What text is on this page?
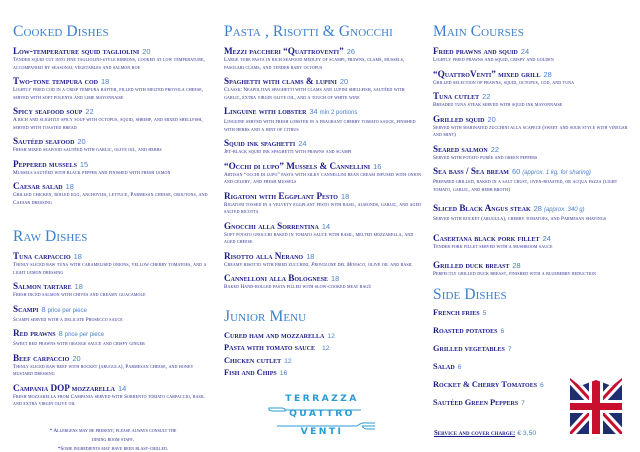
Cooked Dishes
Low-temperature squid tagliolini 20
Tender squid cut into fine tagliolini-style ribbons, cooked at low temperature, accompanied by seasonal vegetables and salmon roe
Two-tone tempura cod 18
Lightly fried cod in a crisp tempura batter, filled with melted provola cheese, served with soft polenta and lime mayonnaise
Spicy seafood soup 22
A rich and slightly spicy soup with octopus, squid, shrimp, and mixed shellfish, served with toasted bread
Sautéed seafood 20
Fresh mixed seafood sautéed with garlic, olive oil, and herbs
Peppered mussels 15
Mussels sautéed with black pepper and finished with fresh lemon
Caesar salad 18
Grilled chicken, boiled egg, anchovies, lettuce, Parmesan cheese, croutons, and Caesar dressing
Raw Dishes
Tuna carpaccio 18
Thinly sliced raw tuna with caramelised onions, yellow cherry tomatoes, and a light lemon dressing
Salmon tartare 18
Fresh diced salmon with chives and creamy guacamole
Scampi 8 price per piece
Scampi served with a delicate Prosecco sauce
Red prawns 8 price per piece
Sweet red prawns with orange sauce and crispy ginger
Beef carpaccio 20
Thinly sliced raw beef with rocket (arugula), Parmesan cheese, and honey mustard dressing
Campania DOP mozzarella 14
Fresh mozzarella from Campania served with Sorrento tomato carpaccio, basil and extra virgin olive oil
* Allergens may be present; please always consult the dining room staff.
*Some ingredients may have been blast-chilled.
Pasta , Risotti & Gnocchi
Mezzi paccheri “Quattroventi” 26
Large tube pasta in rich seafood medley of scampi, prawns, clams, mussels, fasolari clams, and tender baby octopus
Spaghetti with clams & lupini 20
Classic Neapolitan spaghetti with clams and lupini shellfish, sautéed with garlic, extra virgin olive oil, and a touch of white wine
Linguine with lobster 34 min 2 portions
Linguine served with fresh lobster in a fragrant cherry tomato sauce, finished with herbs and a hint of citrus
Squid ink spaghetti 24
Jet-black squid ink spaghetti with prawns and scampi
“Occhi di lupo” Mussels & Cannellini 16
Artisan “occhi di lupo” pasta with silky cannellini bean cream infused with onion and celery, and fresh mussels
Rigatoni with Eggplant Pesto 18
Rigatoni tossed in a velvety eggplant pesto with basil, almonds, garlic, and aged salted ricotta
Gnocchi alla Sorrentina 14
Soft potato gnocchi baked in tomato sauce with basil, melted mozzarella, and aged cheese
Risotto alla Nerano 18
Creamy risotto with fried zucchini, Provolone del Monaco, olive oil and basil
Cannelloni alla Bolognese 18
Baked Hand-rolled pasta filled with slow-cooked meat ragù
Junior Menu
Cured ham and mozzarella 12
Pasta with tomato sauce 12
Chicken cutlet 12
Fish and Chips 16
TERRAZZA
QUATTRO
VENTI
Main Courses
Fried prawns and squid 24
Lightly fried prawns and squid, crispy and golden
“QuattroVenti” mixed grill 28
Grilled selection of prawns, squid, octopus, cod, and tuna
Tuna cutlet 22
Breaded tuna steak served with squid ink mayonnaise
Grilled squid 20
Served with marinated zucchini alla scapece (sweet and sour style with vinegar and mint)
Seared salmon 22
Served with potato purée and green peppers
Sea bass / Sea bream 60 (approx. 1 kg, for sharing)
Prepared grilled, baked in a salt crust, oven-roasted, or acqua pazza (light tomato, garlic, and herb broth)
Sliced Black Angus steak 28 (approx. 340 g)
Served with rocket (arugula), cherry tomatoes, and Parmesan shavings
Casertana black pork fillet 24
Tender pork fillet served with a mushroom sauce
Grilled duck breast 28
Perfectly grilled duck breast, finished with a blueberry reduction
Side Dishes
French fries 5
Roasted potatoes 6
Grilled vegetables 7
Salad 6
Rocket & Cherry Tomatoes 6
Sautéed Green Peppers 7
Service and cover charge: € 3,50
